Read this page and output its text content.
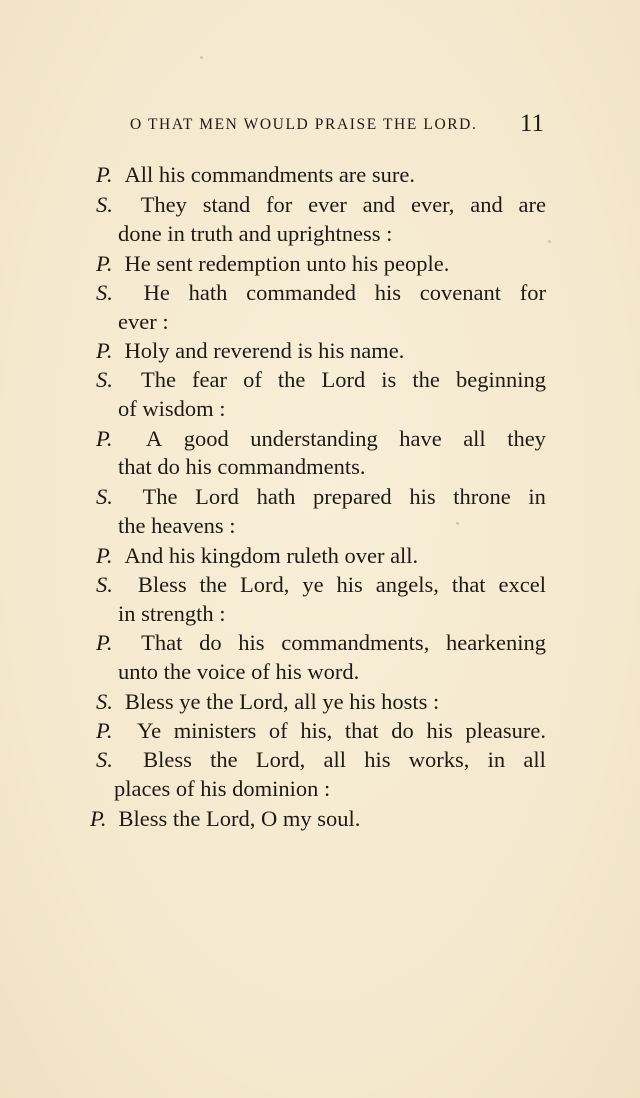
O THAT MEN WOULD PRAISE THE LORD. 11
P. All his commandments are sure.
S. They stand for ever and ever, and are
done in truth and uprightness :
P. He sent redemption unto his people.
S. He hath commanded his covenant for
ever :
P. Holy and reverend is his name.
S. The fear of the Lord is the beginning
of wisdom :
P. A good understanding have all they
that do his commandments.
S. The Lord hath prepared his throne in
the heavens :
P. And his kingdom ruleth over all.
S. Bless the Lord, ye his angels, that excel
in strength :
P. That do his commandments, hearkening
unto the voice of his word.
S. Bless ye the Lord, all ye his hosts :
P. Ye ministers of his, that do his pleasure.
S. Bless the Lord, all his works, in all
places of his dominion :
P. Bless the Lord, O my soul.
